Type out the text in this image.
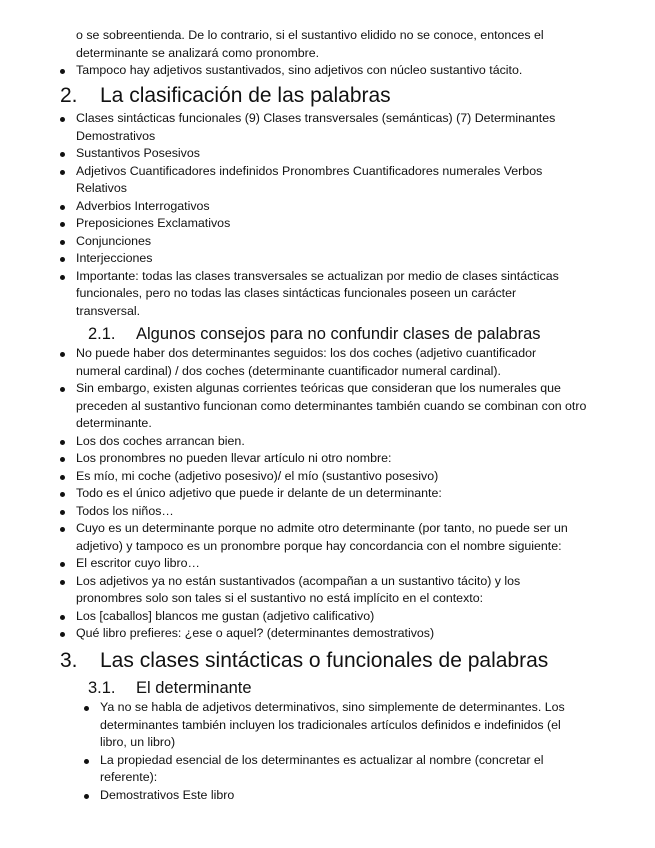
o se sobreentienda. De lo contrario, si el sustantivo elidido no se conoce, entonces el
determinante se analizará como pronombre.
Tampoco hay adjetivos sustantivados, sino adjetivos con núcleo sustantivo tácito.
2. La clasificación de las palabras
Clases sintácticas funcionales (9) Clases transversales (semánticas) (7) Determinantes Demostrativos
Sustantivos Posesivos
Adjetivos Cuantificadores indefinidos Pronombres Cuantificadores numerales Verbos Relativos
Adverbios Interrogativos
Preposiciones Exclamativos
Conjunciones
Interjecciones
Importante: todas las clases transversales se actualizan por medio de clases sintácticas funcionales, pero no todas las clases sintácticas funcionales poseen un carácter transversal.
2.1. Algunos consejos para no confundir clases de palabras
No puede haber dos determinantes seguidos: los dos coches (adjetivo cuantificador numeral cardinal) / dos coches (determinante cuantificador numeral cardinal).
Sin embargo, existen algunas corrientes teóricas que consideran que los numerales que preceden al sustantivo funcionan como determinantes también cuando se combinan con otro determinante.
Los dos coches arrancan bien.
Los pronombres no pueden llevar artículo ni otro nombre:
Es mío, mi coche (adjetivo posesivo)/ el mío (sustantivo posesivo)
Todo es el único adjetivo que puede ir delante de un determinante:
Todos los niños…
Cuyo es un determinante porque no admite otro determinante (por tanto, no puede ser un adjetivo) y tampoco es un pronombre porque hay concordancia con el nombre siguiente:
El escritor cuyo libro…
Los adjetivos ya no están sustantivados (acompañan a un sustantivo tácito) y los pronombres solo son tales si el sustantivo no está implícito en el contexto:
Los [caballos] blancos me gustan (adjetivo calificativo)
Qué libro prefieres: ¿ese o aquel? (determinantes demostrativos)
3. Las clases sintácticas o funcionales de palabras
3.1. El determinante
Ya no se habla de adjetivos determinativos, sino simplemente de determinantes. Los determinantes también incluyen los tradicionales artículos definidos e indefinidos (el libro, un libro)
La propiedad esencial de los determinantes es actualizar al nombre (concretar el referente):
Demostrativos Este libro
